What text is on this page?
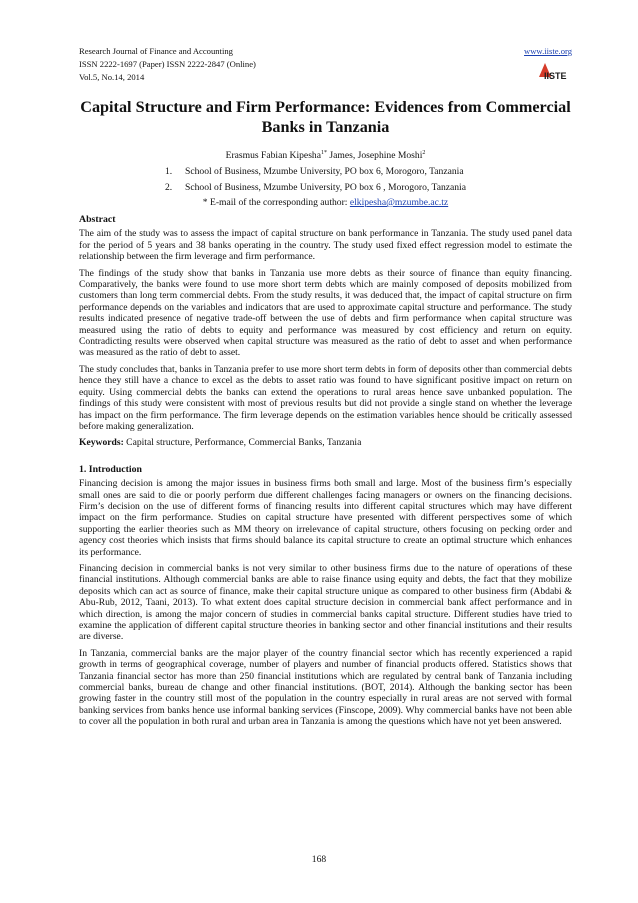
Research Journal of Finance and Accounting
ISSN 2222-1697 (Paper) ISSN 2222-2847 (Online)
Vol.5, No.14, 2014
www.iiste.org
IISTE
Capital Structure and Firm Performance: Evidences from Commercial Banks in Tanzania
Erasmus Fabian Kipesha$^{1*}$ James, Josephine Moshi$^2$
1. School of Business, Mzumbe University, PO box 6, Morogoro, Tanzania
2. School of Business, Mzumbe University, PO box 6 , Morogoro, Tanzania
* E-mail of the corresponding author: elkipesha@mzumbe.ac.tz
Abstract

The aim of the study was to assess the impact of capital structure on bank performance in Tanzania. The study used panel data for the period of 5 years and 38 banks operating in the country. The study used fixed effect regression model to estimate the relationship between the firm leverage and firm performance.

The findings of the study show that banks in Tanzania use more debts as their source of finance than equity financing. Comparatively, the banks were found to use more short term debts which are mainly composed of deposits mobilized from customers than long term commercial debts. From the study results, it was deduced that, the impact of capital structure on firm performance depends on the variables and indicators that are used to approximate capital structure and performance. The study results indicated presence of negative trade-off between the use of debts and firm performance when capital structure was measured using the ratio of debts to equity and performance was measured by cost efficiency and return on equity. Contradicting results were observed when capital structure was measured as the ratio of debt to asset and when performance was measured as the ratio of debt to asset.

The study concludes that, banks in Tanzania prefer to use more short term debts in form of deposits other than commercial debts hence they still have a chance to excel as the debts to asset ratio was found to have significant positive impact on return on equity. Using commercial debts the banks can extend the operations to rural areas hence save unbanked population. The findings of this study were consistent with most of previous results but did not provide a single stand on whether the leverage has impact on the firm performance. The firm leverage depends on the estimation variables hence should be critically assessed before making generalization.

Keywords: Capital structure, Performance, Commercial Banks, Tanzania

1. Introduction

Financing decision is among the major issues in business firms both small and large. Most of the business firm’s especially small ones are said to die or poorly perform due different challenges facing managers or owners on the financing decisions. Firm’s decision on the use of different forms of financing results into different capital structures which may have different impact on the firm performance. Studies on capital structure have presented with different perspectives some of which supporting the earlier theories such as MM theory on irrelevance of capital structure, others focusing on pecking order and agency cost theories which insists that firms should balance its capital structure to create an optimal structure which enhances its performance.

Financing decision in commercial banks is not very similar to other business firms due to the nature of operations of these financial institutions. Although commercial banks are able to raise finance using equity and debts, the fact that they mobilize deposits which can act as source of finance, make their capital structure unique as compared to other business firm (Abdabi & Abu-Rub, 2012, Taani, 2013). To what extent does capital structure decision in commercial bank affect performance and in which direction, is among the major concern of studies in commercial banks capital structure. Different studies have tried to examine the application of different capital structure theories in banking sector and other financial institutions and their results are diverse.

In Tanzania, commercial banks are the major player of the country financial sector which has recently experienced a rapid growth in terms of geographical coverage, number of players and number of financial products offered. Statistics shows that Tanzania financial sector has more than 250 financial institutions which are regulated by central bank of Tanzania including commercial banks, bureau de change and other financial institutions. (BOT, 2014). Although the banking sector has been growing faster in the country still most of the population in the country especially in rural areas are not served with formal banking services from banks hence use informal banking services (Finscope, 2009). Why commercial banks have not been able to cover all the population in both rural and urban area in Tanzania is among the questions which have not yet been answered.

168
